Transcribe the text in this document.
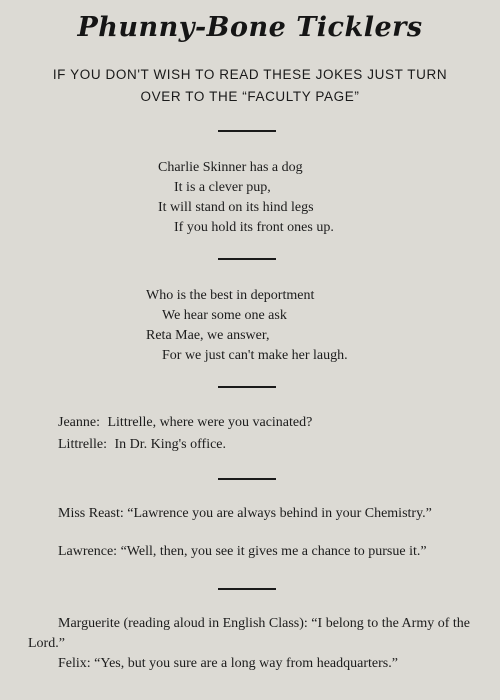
Phunny-Bone Ticklers
IF YOU DON'T WISH TO READ THESE JOKES JUST TURN
OVER TO THE “FACULTY PAGE”
Charlie Skinner has a dog
It is a clever pup,
It will stand on its hind legs
If you hold its front ones up.
Who is the best in deportment
We hear some one ask
Reta Mae, we answer,
For we just can't make her laugh.
Jeanne: Littrelle, where were you vacinated?
Littrelle: In Dr. King's office.
Miss Reast: “Lawrence you are always behind in your Chemistry.”
Lawrence: “Well, then, you see it gives me a chance to pursue it.”
Marguerite (reading aloud in English Class): “I belong to the Army of the Lord.”
Felix: “Yes, but you sure are a long way from headquarters.”
